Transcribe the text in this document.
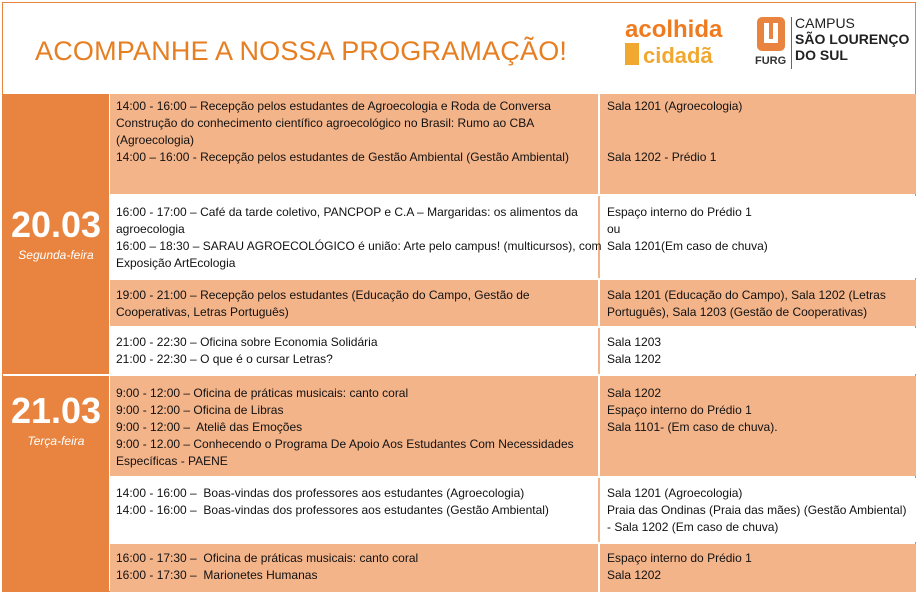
ACOMPANHE A NOSSA PROGRAMAÇÃO!
acolhida
cidadã	FURG
CAMPUS
SÃO LOURENÇO
DO SUL
20.03
Segunda-feira
21.03
Terça-feira
14:00 - 16:00 – Recepção pelos estudantes de Agroecologia e Roda de Conversa Construção do conhecimento científico agroecológico no Brasil: Rumo ao CBA (Agroecologia)
14:00 – 16:00 - Recepção pelos estudantes de Gestão Ambiental (Gestão Ambiental)
Sala 1201 (Agroecologia)
Sala 1202 - Prédio 1
16:00 - 17:00 – Café da tarde coletivo, PANCPOP e C.A – Margaridas: os alimentos da agroecologia
16:00 – 18:30 – SARAU AGROECOLÓGICO é união: Arte pelo campus! (multicursos), com Exposição ArtEcologia
Espaço interno do Prédio 1
ou
Sala 1201(Em caso de chuva)
19:00 - 21:00 – Recepção pelos estudantes (Educação do Campo, Gestão de Cooperativas, Letras Português)
Sala 1201 (Educação do Campo), Sala 1202 (Letras Português), Sala 1203 (Gestão de Cooperativas)
21:00 - 22:30 – Oficina sobre Economia Solidária
21:00 - 22:30 – O que é o cursar Letras?
Sala 1203
Sala 1202
9:00 - 12:00 – Oficina de práticas musicais: canto coral
9:00 - 12:00 – Oficina de Libras
9:00 - 12:00 –  Ateliê das Emoções
9:00 - 12.00 – Conhecendo o Programa De Apoio Aos Estudantes Com Necessidades Específicas - PAENE
Sala 1202
Espaço interno do Prédio 1
Sala 1101- (Em caso de chuva).
14:00 - 16:00 –  Boas-vindas dos professores aos estudantes (Agroecologia)
14:00 - 16:00 –  Boas-vindas dos professores aos estudantes (Gestão Ambiental)
Sala 1201 (Agroecologia)
Praia das Ondinas (Praia das mães) (Gestão Ambiental) - Sala 1202 (Em caso de chuva)
16:00 - 17:30 –  Oficina de práticas musicais: canto coral
16:00 - 17:30 –  Marionetes Humanas
Espaço interno do Prédio 1
Sala 1202
